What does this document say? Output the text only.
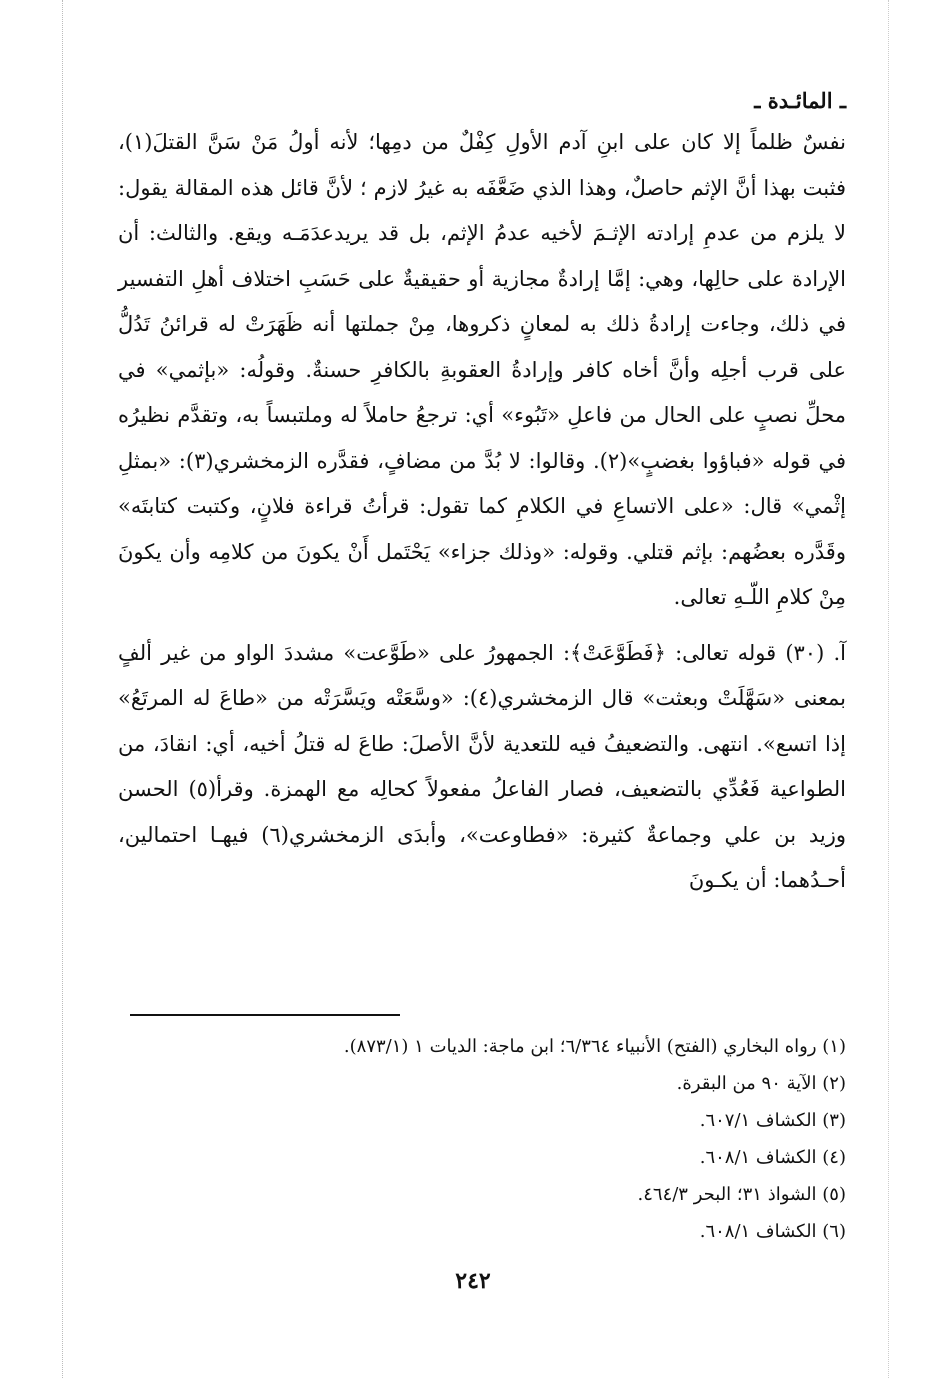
ـ المائـدة ـ

نفسٌ ظلماً إلا كان على ابنِ آدم الأولِ كِفْلٌ من دمِها؛ لأنه أولُ مَنْ سَنَّ القتلَ(١)، فثبت بهذا أنَّ الإثم حاصلٌ، وهذا الذي ضَعَّفَه به غيرُ لازم ؛ لأنَّ قائل هذه المقالة يقول: لا يلزم من عدمِ إرادته الإثـمَ لأخيه عدمُ الإثم، بل قد يريدعدَمَـه ويقع. والثالث: أن الإرادة على حالِها، وهي: إمَّا إرادةٌ مجازية أو حقيقيةٌ على حَسَبِ اختلاف أهلِ التفسير في ذلك، وجاءت إرادةُ ذلك به لمعانٍ ذكروها، مِنْ جملتها أنه ظَهَرَتْ له قرائنُ تَدُلُّ على قرب أجلِه وأنَّ أخاه كافر وإرادةُ العقوبةِ بالكافرِ حسنةٌ. وقولُه: «بإثمي» في محلِّ نصبٍ على الحال من فاعلِ «تَبُوء» أي: ترجعُ حاملاً له وملتبساً به، وتقدَّم نظيرُه في قوله «فباؤوا بغضبٍ»(٢). وقالوا: لا بُدَّ من مضافٍ، فقدَّره الزمخشري(٣): «بمثلِ إثْمي» قال: «على الاتساعِ في الكلامِ كما تقول: قرأتُ قراءة فلانٍ، وكتبت كتابتَه» وقَدَّره بعضُهم: بإثم قتلي. وقوله: «وذلك جزاء» يَحْتَمل أَنْ يكونَ من كلامِه وأن يكونَ مِنْ كلامِ اللّـهِ تعالى.

آ. (٣٠) قوله تعالى: ﴿فَطَوَّعَتْ﴾: الجمهورُ على «طَوَّعت» مشددَ الواو من غير ألفٍ بمعنى «سَهَّلَتْ وبعثت» قال الزمخشري(٤): «وسَّعَتْه ويَسَّرَتْه من «طاعَ له المرتَعُ» إذا اتسع». انتهى. والتضعيفُ فيه للتعدية لأنَّ الأصلَ: طاعَ له قتلُ أخيه، أي: انقادَ، من الطواعية فَعُدِّي بالتضعيف، فصار الفاعلُ مفعولاً كحالِه مع الهمزة. وقرأ(٥) الحسن وزيد بن علي وجماعةٌ كثيرة: «فطاوعت»، وأبدَى الزمخشري(٦) فيهـا احتمالين، أحـدُهما: أن يكـونَ

(١) رواه البخاري (الفتح) الأنبياء ٦/٣٦٤؛ ابن ماجة: الديات ١ (٨٧٣/١).

(٢) الآية ٩٠ من البقرة.

(٣) الكشاف ٦٠٧/١.

(٤) الكشاف ٦٠٨/١.

(٥) الشواذ ٣١؛ البحر ٤٦٤/٣.

(٦) الكشاف ٦٠٨/١.

٢٤٢
